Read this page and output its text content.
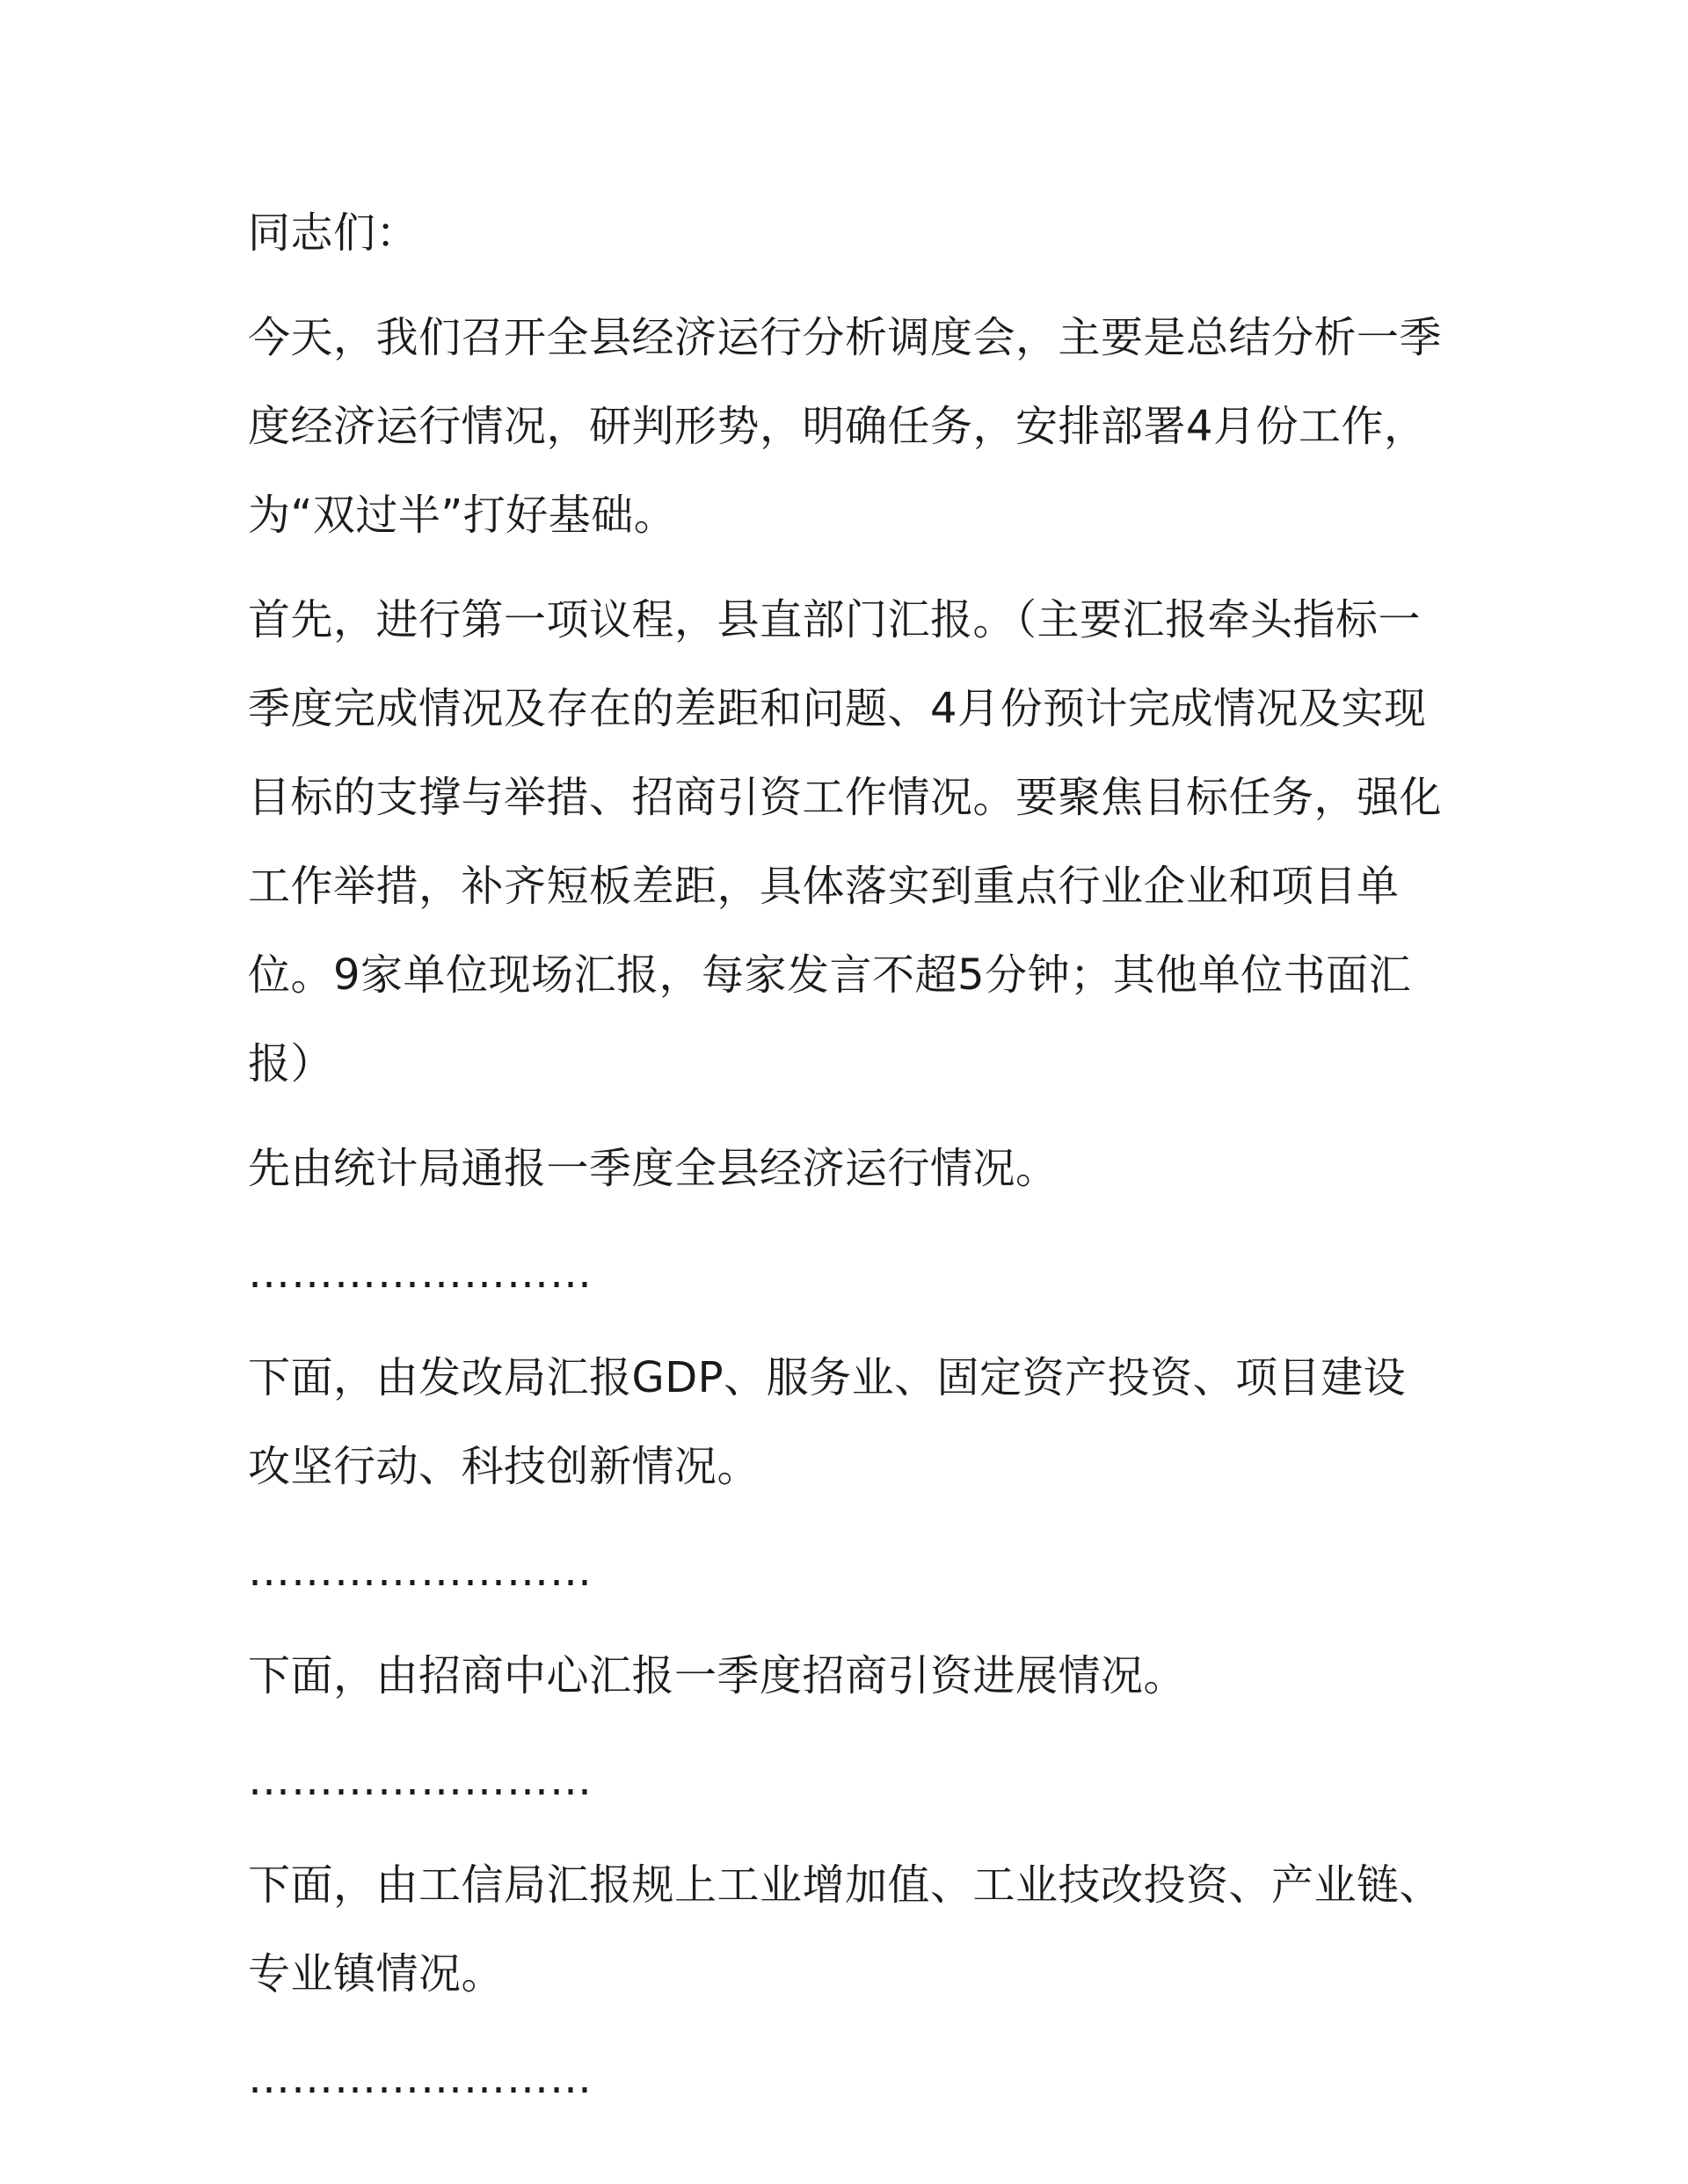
同志们：

今天，我们召开全县经济运行分析调度会，主要是总结分析一季度经济运行情况，研判形势，明确任务，安排部署4月份工作，为“双过半”打好基础。

首先，进行第一项议程，县直部门汇报。（主要汇报牵头指标一季度完成情况及存在的差距和问题、4月份预计完成情况及实现目标的支撑与举措、招商引资工作情况。要聚焦目标任务，强化工作举措，补齐短板差距，具体落实到重点行业企业和项目单位。9家单位现场汇报，每家发言不超5分钟；其他单位书面汇报）

先由统计局通报一季度全县经济运行情况。

……………………

下面，由发改局汇报GDP、服务业、固定资产投资、项目建设攻坚行动、科技创新情况。

……………………

下面，由招商中心汇报一季度招商引资进展情况。

……………………

下面，由工信局汇报规上工业增加值、工业技改投资、产业链、专业镇情况。

……………………
